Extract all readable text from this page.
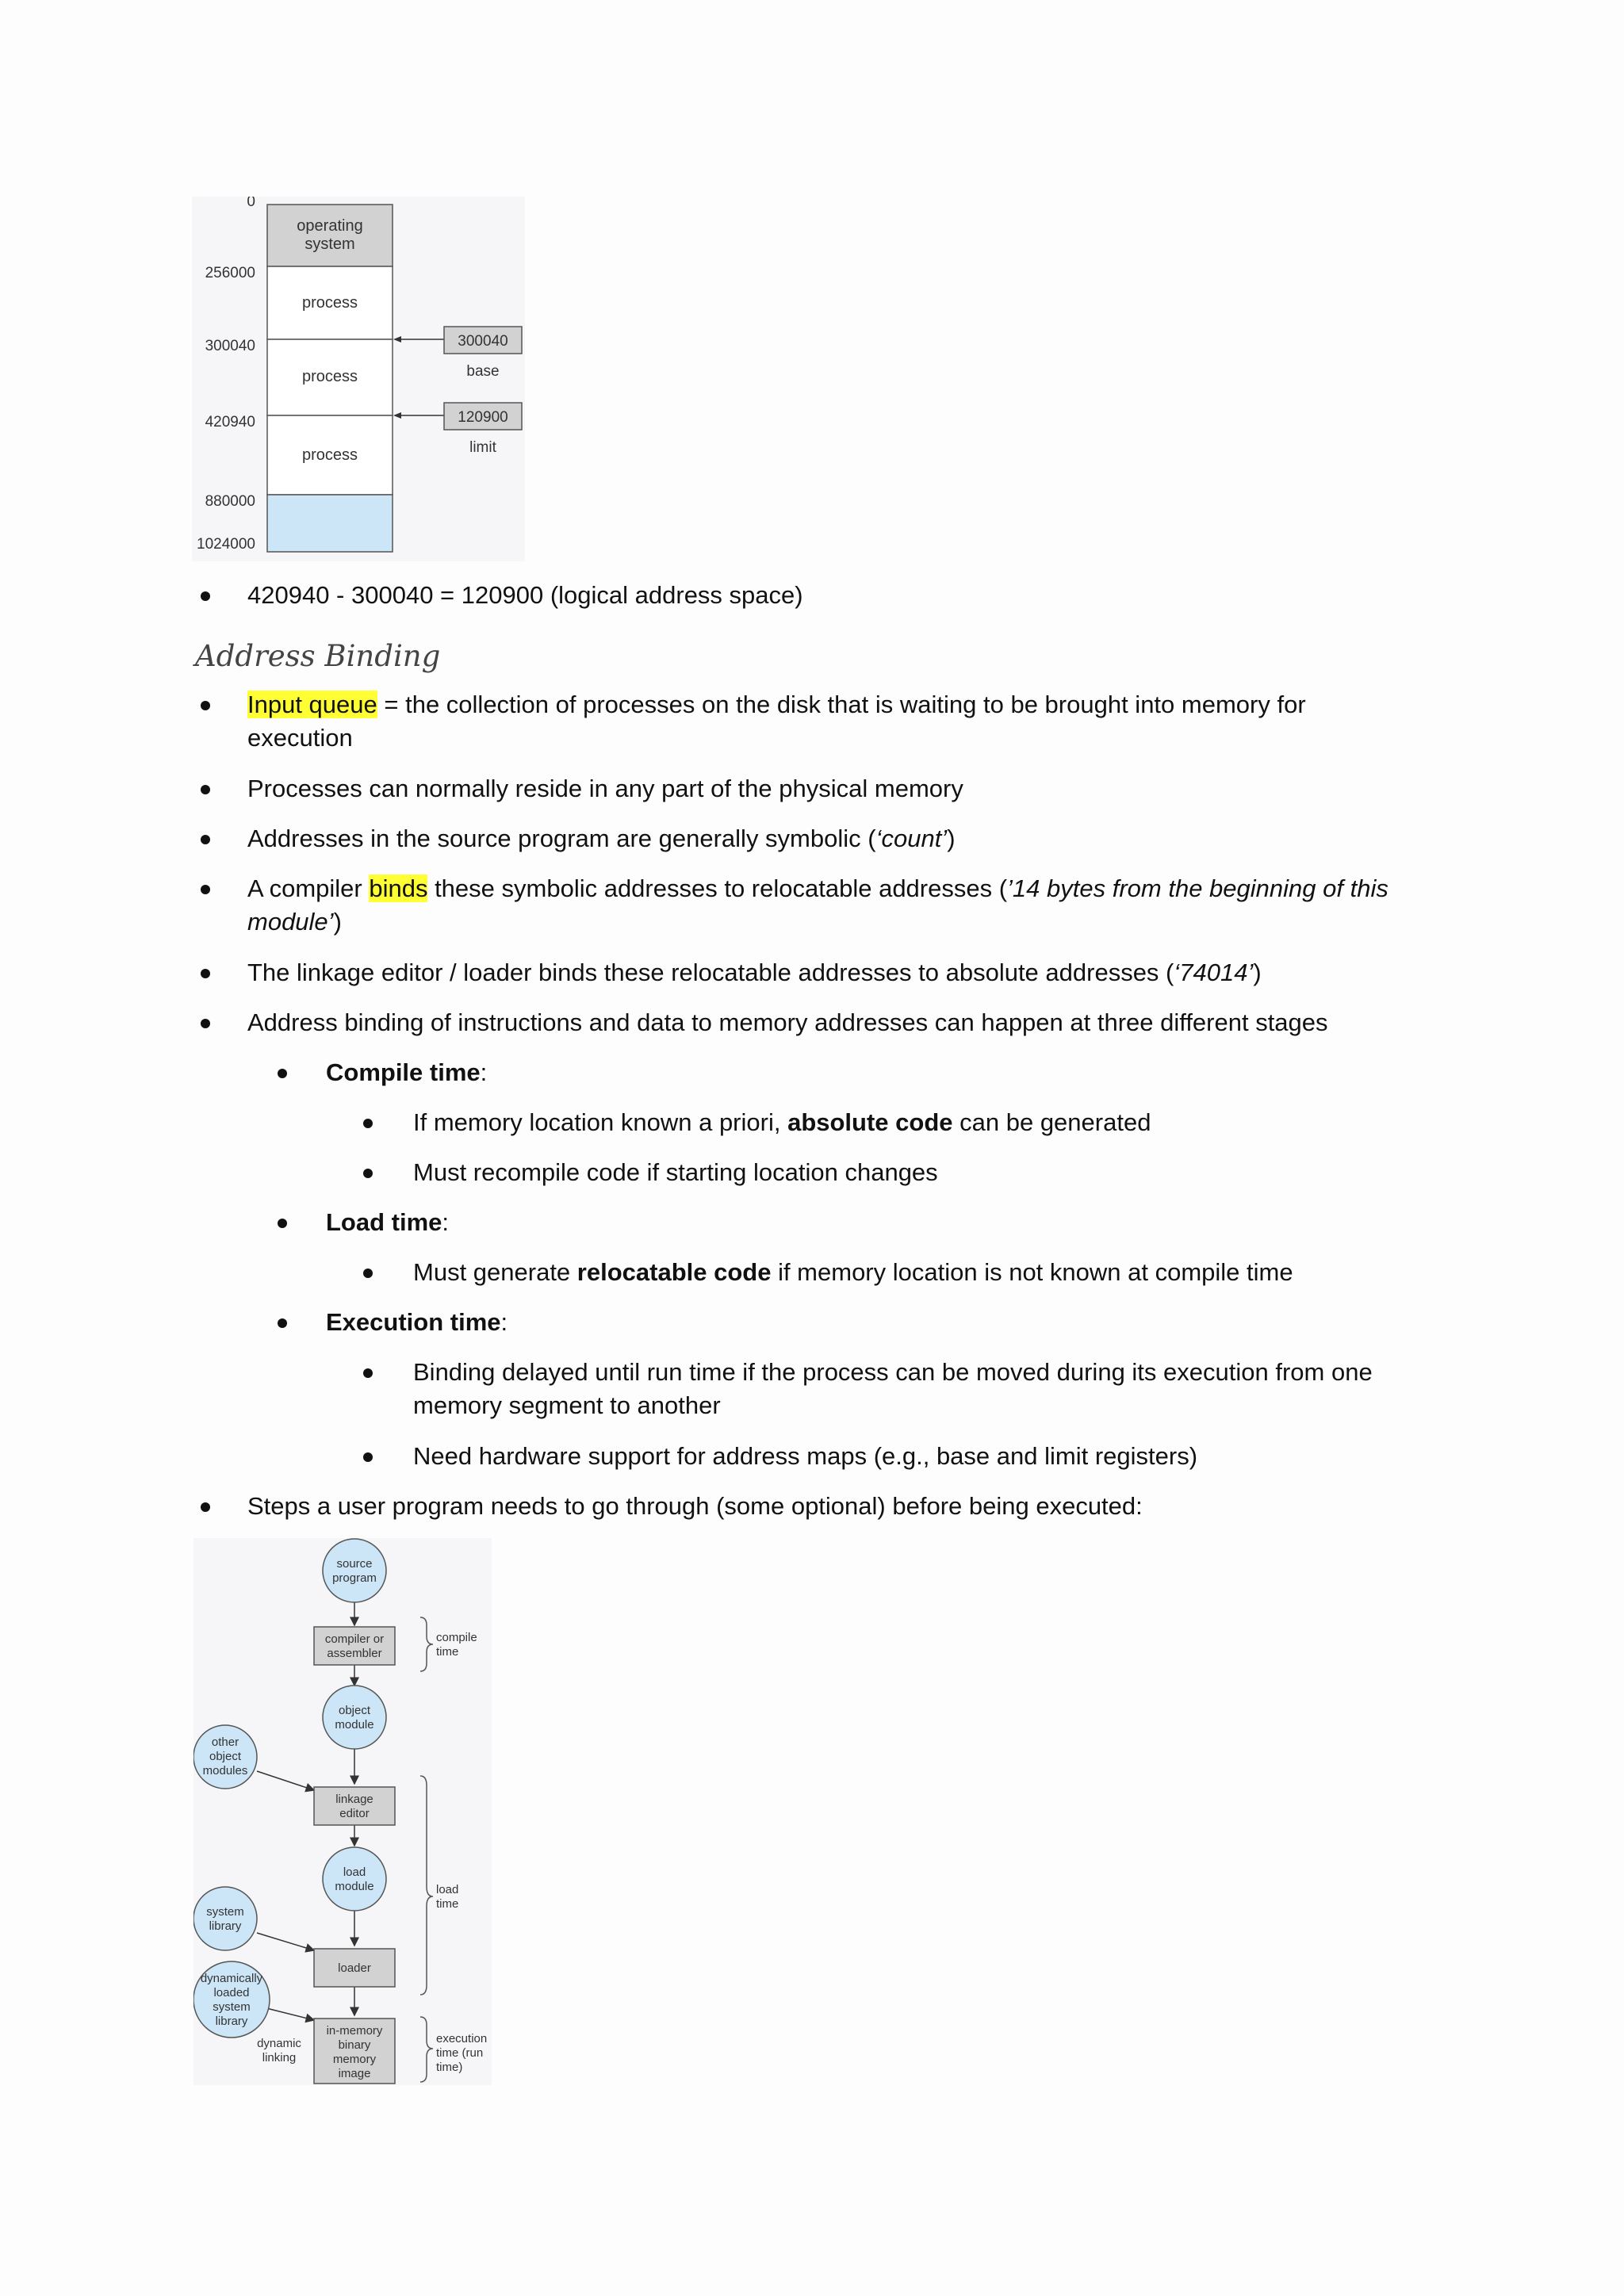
0
256000
300040
420940
880000
1024000
operating
system
process
process
process
300040
base
120900
limit
420940 - 300040 = 120900 (logical address space)
Address Binding
Input queue = the collection of processes on the disk that is waiting to be brought into memory for
execution
Processes can normally reside in any part of the physical memory
Addresses in the source program are generally symbolic (‘count’)
A compiler binds these symbolic addresses to relocatable addresses (’14 bytes from the beginning of this
module’)
The linkage editor / loader binds these relocatable addresses to absolute addresses (‘74014’)
Address binding of instructions and data to memory addresses can happen at three different stages
Compile time:
If memory location known a priori, absolute code can be generated
Must recompile code if starting location changes
Load time:
Must generate relocatable code if memory location is not known at compile time
Execution time:
Binding delayed until run time if the process can be moved during its execution from one
memory segment to another
Need hardware support for address maps (e.g., base and limit registers)
Steps a user program needs to go through (some optional) before being executed:
source
program
compiler or
assembler
object
module
other
object
modules
linkage
editor
load
module
system
library
loader
dynamically
loaded
system
library
dynamic
linking
in-memory
binary
memory
image
compile
time
load
time
execution
time (run
time)
